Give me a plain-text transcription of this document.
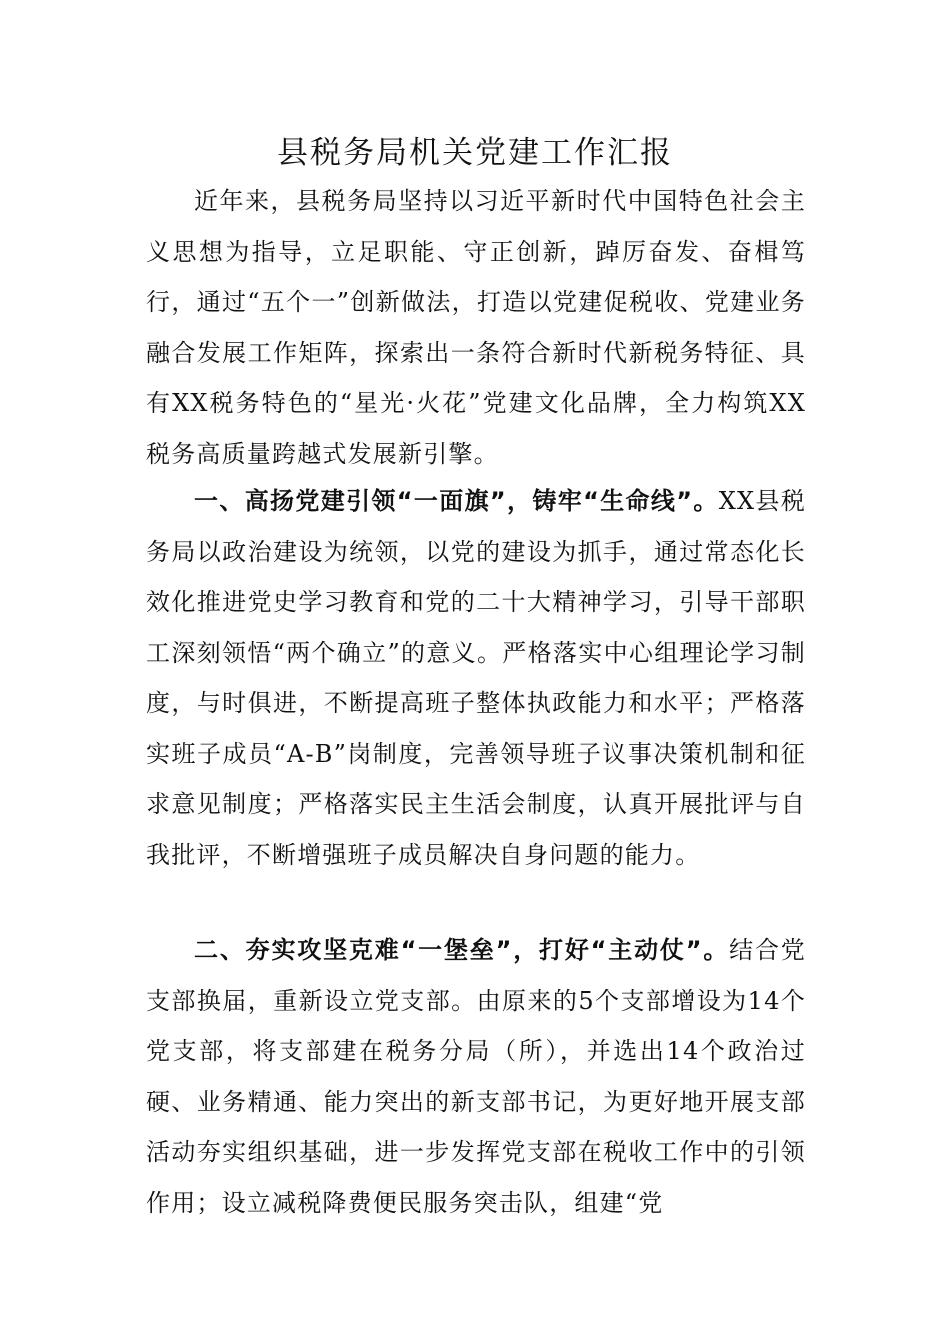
县税务局机关党建工作汇报

近年来，县税务局坚持以习近平新时代中国特色社会主义思想为指导，立足职能、守正创新，踔厉奋发、奋楫笃行，通过“五个一”创新做法，打造以党建促税收、党建业务融合发展工作矩阵，探索出一条符合新时代新税务特征、具有XX税务特色的“星光·火花”党建文化品牌，全力构筑XX税务高质量跨越式发展新引擎。

一、高扬党建引领“一面旗”，铸牢“生命线”。XX县税务局以政治建设为统领，以党的建设为抓手，通过常态化长效化推进党史学习教育和党的二十大精神学习，引导干部职工深刻领悟“两个确立”的意义。严格落实中心组理论学习制度，与时俱进，不断提高班子整体执政能力和水平；严格落实班子成员“A-B”岗制度，完善领导班子议事决策机制和征求意见制度；严格落实民主生活会制度，认真开展批评与自我批评，不断增强班子成员解决自身问题的能力。

二、夯实攻坚克难“一堡垒”，打好“主动仗”。结合党支部换届，重新设立党支部。由原来的5个支部增设为14个党支部，将支部建在税务分局（所），并选出14个政治过硬、业务精通、能力突出的新支部书记，为更好地开展支部活动夯实组织基础，进一步发挥党支部在税收工作中的引领作用；设立减税降费便民服务突击队，组建“党
